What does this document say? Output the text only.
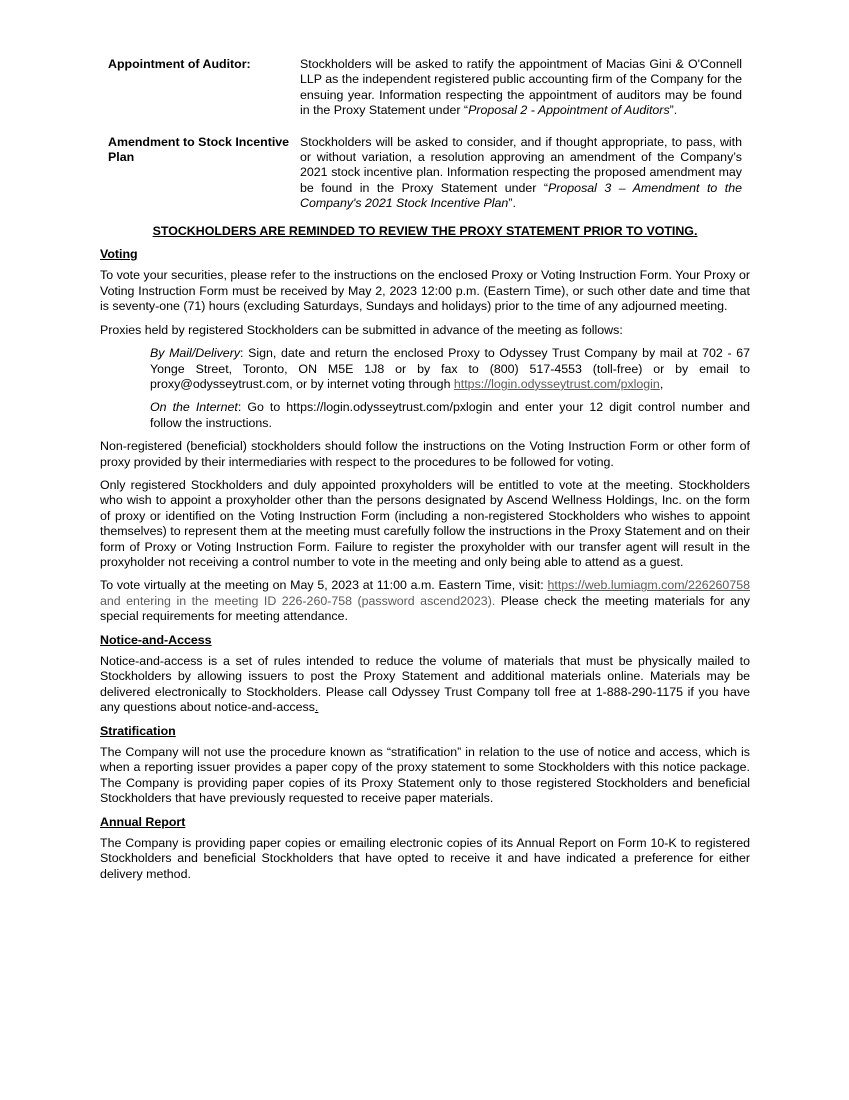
Appointment of Auditor:	Stockholders will be asked to ratify the appointment of Macias Gini & O'Connell LLP as the independent registered public accounting firm of the Company for the ensuing year. Information respecting the appointment of auditors may be found in the Proxy Statement under “Proposal 2 - Appointment of Auditors”.
Amendment to Stock Incentive Plan
Stockholders will be asked to consider, and if thought appropriate, to pass, with or without variation, a resolution approving an amendment of the Company’s 2021 stock incentive plan. Information respecting the proposed amendment may be found in the Proxy Statement under “Proposal 3 – Amendment to the Company's 2021 Stock Incentive Plan”.
STOCKHOLDERS ARE REMINDED TO REVIEW THE PROXY STATEMENT PRIOR TO VOTING.
Voting

To vote your securities, please refer to the instructions on the enclosed Proxy or Voting Instruction Form. Your Proxy or Voting Instruction Form must be received by May 2, 2023 12:00 p.m. (Eastern Time), or such other date and time that is seventy-one (71) hours (excluding Saturdays, Sundays and holidays) prior to the time of any adjourned meeting.

Proxies held by registered Stockholders can be submitted in advance of the meeting as follows:

By Mail/Delivery: Sign, date and return the enclosed Proxy to Odyssey Trust Company by mail at 702 - 67 Yonge Street, Toronto, ON M5E 1J8 or by fax to (800) 517-4553 (toll-free) or by email to proxy@odysseytrust.com, or by internet voting through https://login.odysseytrust.com/pxlogin,

On the Internet: Go to https://login.odysseytrust.com/pxlogin and enter your 12 digit control number and follow the instructions.

Non-registered (beneficial) stockholders should follow the instructions on the Voting Instruction Form or other form of proxy provided by their intermediaries with respect to the procedures to be followed for voting.

Only registered Stockholders and duly appointed proxyholders will be entitled to vote at the meeting. Stockholders who wish to appoint a proxyholder other than the persons designated by Ascend Wellness Holdings, Inc. on the form of proxy or identified on the Voting Instruction Form (including a non-registered Stockholders who wishes to appoint themselves) to represent them at the meeting must carefully follow the instructions in the Proxy Statement and on their form of Proxy or Voting Instruction Form. Failure to register the proxyholder with our transfer agent will result in the proxyholder not receiving a control number to vote in the meeting and only being able to attend as a guest.

To vote virtually at the meeting on May 5, 2023 at 11:00 a.m. Eastern Time, visit: https://web.lumiagm.com/226260758 and entering in the meeting ID 226-260-758 (password ascend2023). Please check the meeting materials for any special requirements for meeting attendance.

Notice-and-Access

Notice-and-access is a set of rules intended to reduce the volume of materials that must be physically mailed to Stockholders by allowing issuers to post the Proxy Statement and additional materials online. Materials may be delivered electronically to Stockholders. Please call Odyssey Trust Company toll free at 1-888-290-1175 if you have any questions about notice-and-access.

Stratification

The Company will not use the procedure known as “stratification” in relation to the use of notice and access, which is when a reporting issuer provides a paper copy of the proxy statement to some Stockholders with this notice package. The Company is providing paper copies of its Proxy Statement only to those registered Stockholders and beneficial Stockholders that have previously requested to receive paper materials.

Annual Report

The Company is providing paper copies or emailing electronic copies of its Annual Report on Form 10-K to registered Stockholders and beneficial Stockholders that have opted to receive it and have indicated a preference for either delivery method.
